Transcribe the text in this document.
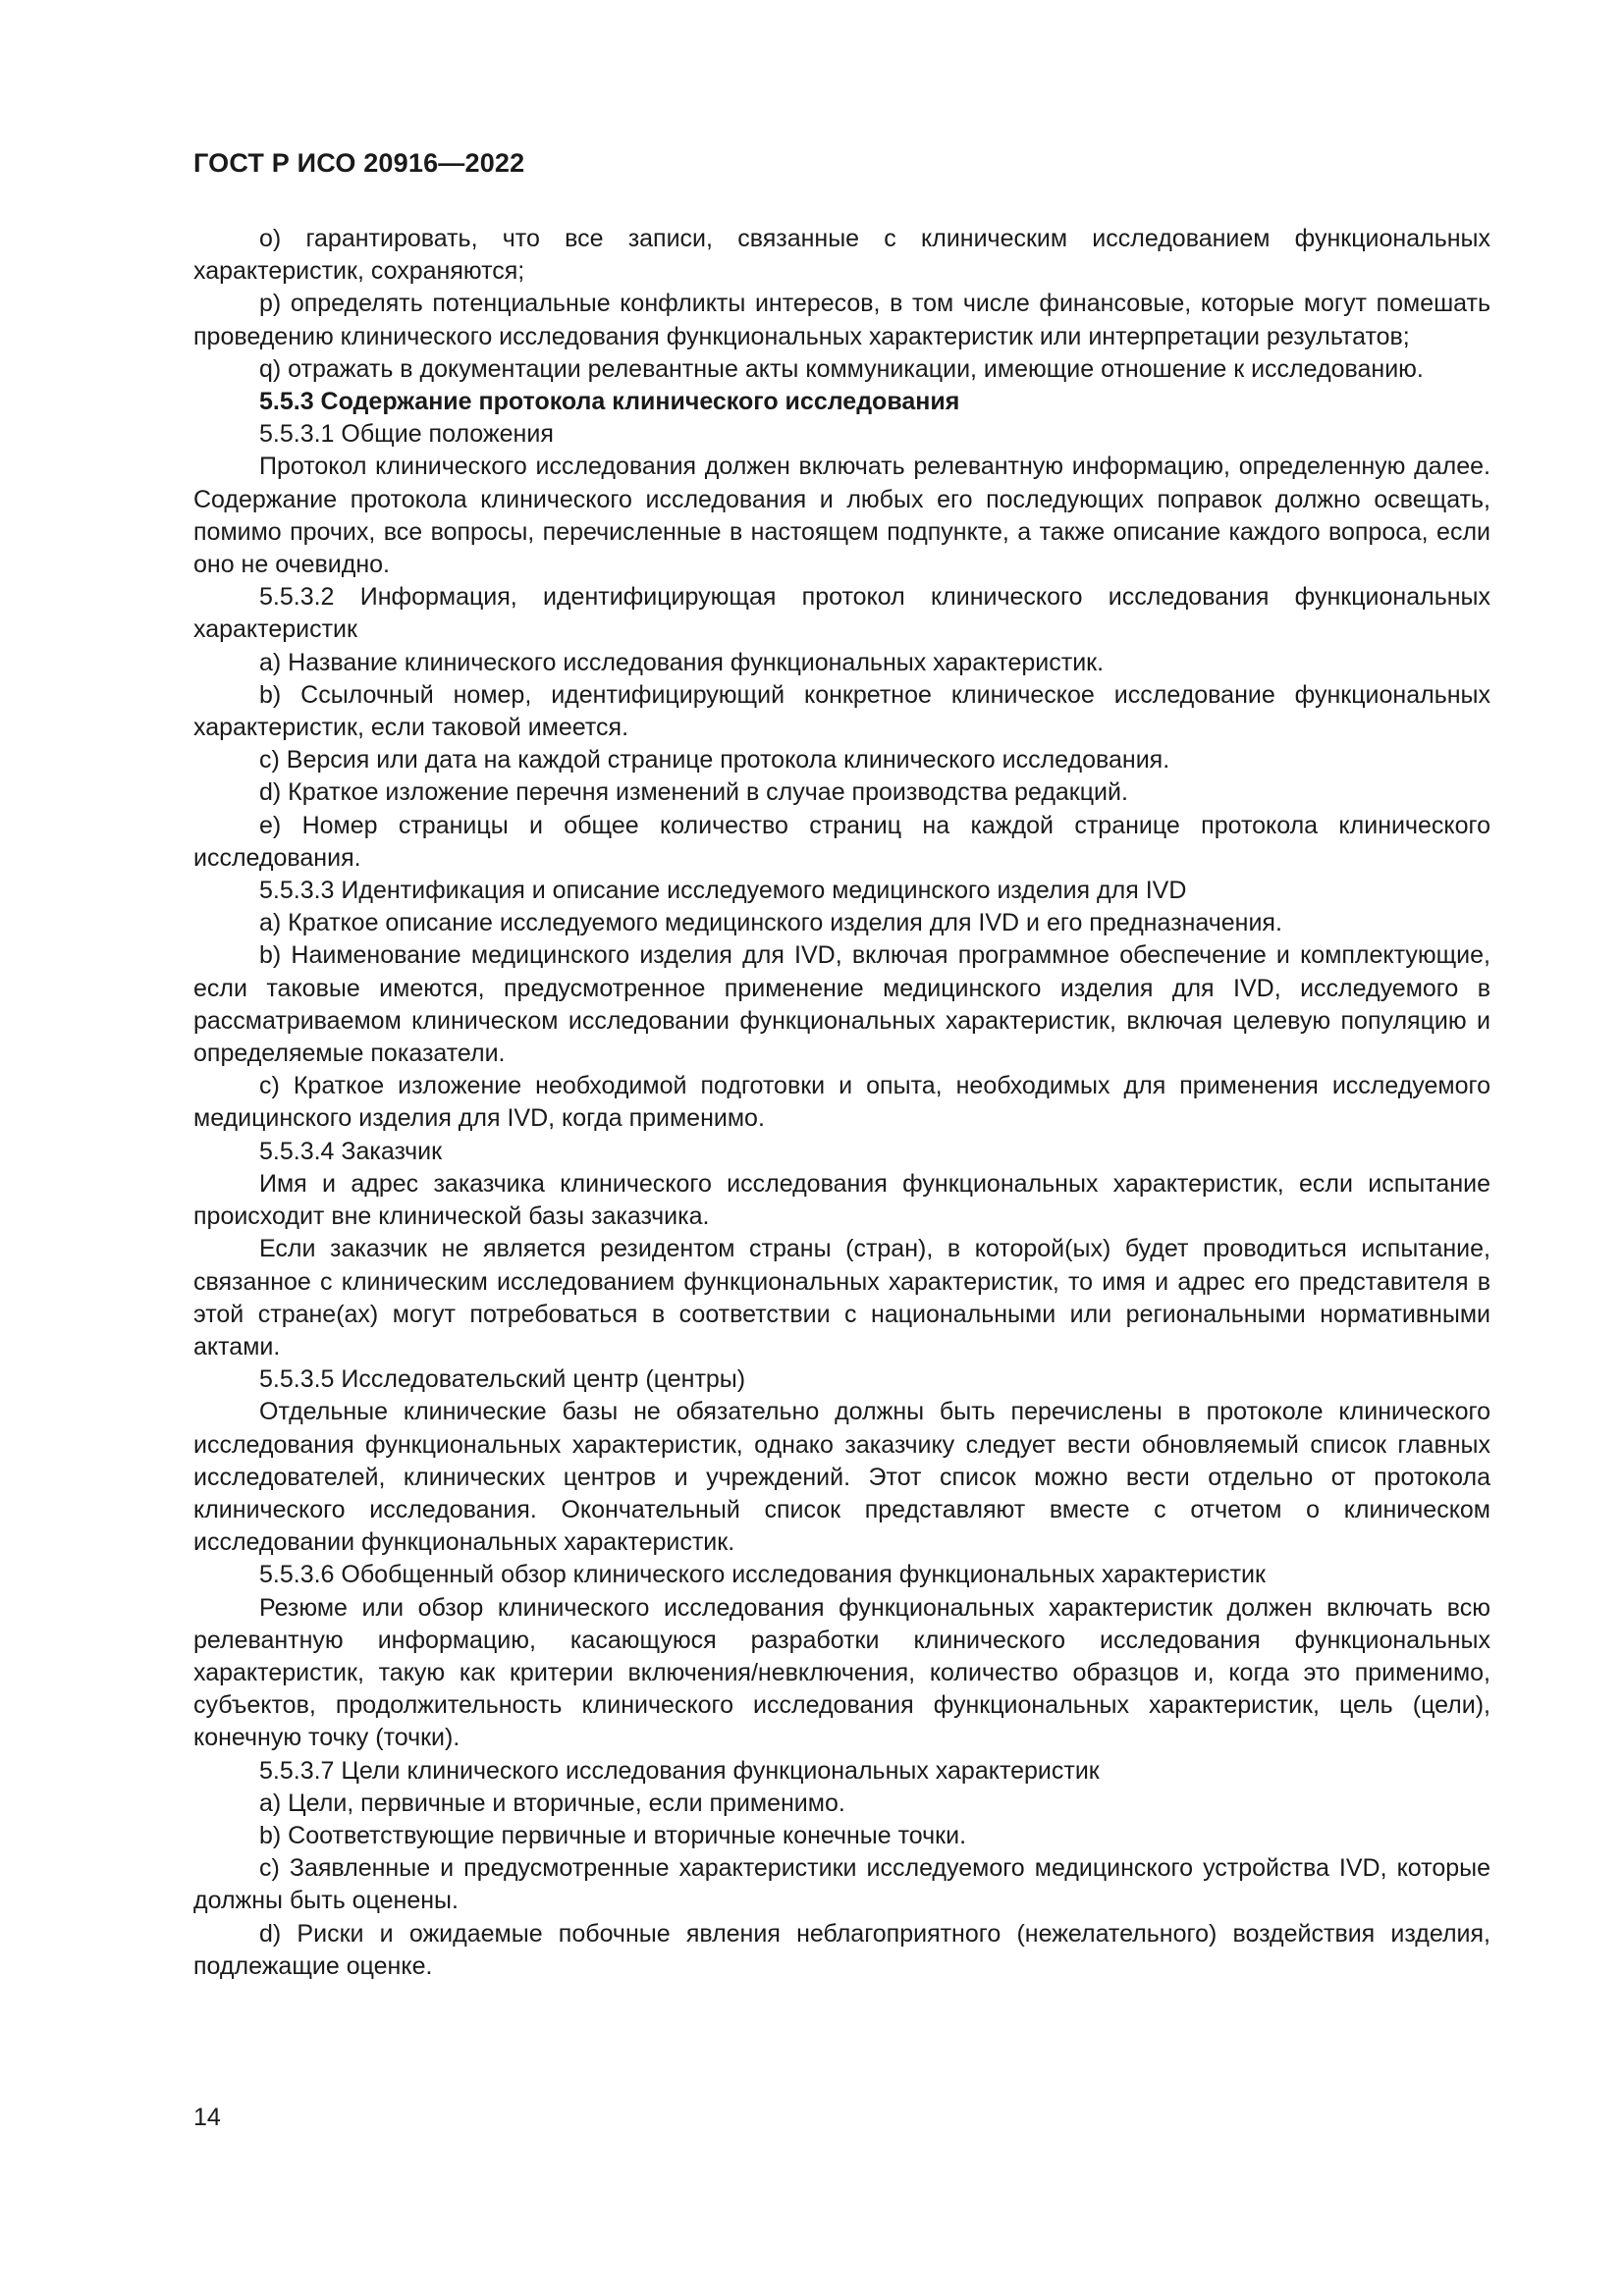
ГОСТ Р ИСО 20916—2022

о) гарантировать, что все записи, связанные с клиническим исследованием функциональных характеристик, сохраняются;

р) определять потенциальные конфликты интересов, в том числе финансовые, которые могут помешать проведению клинического исследования функциональных характеристик или интерпретации результатов;

q) отражать в документации релевантные акты коммуникации, имеющие отношение к исследованию.

5.5.3 Содержание протокола клинического исследования

5.5.3.1 Общие положения

Протокол клинического исследования должен включать релевантную информацию, определенную далее. Содержание протокола клинического исследования и любых его последующих поправок должно освещать, помимо прочих, все вопросы, перечисленные в настоящем подпункте, а также описание каждого вопроса, если оно не очевидно.

5.5.3.2 Информация, идентифицирующая протокол клинического исследования функциональных характеристик

а) Название клинического исследования функциональных характеристик.

b) Ссылочный номер, идентифицирующий конкретное клиническое исследование функциональных характеристик, если таковой имеется.

с) Версия или дата на каждой странице протокола клинического исследования.

d) Краткое изложение перечня изменений в случае производства редакций.

е) Номер страницы и общее количество страниц на каждой странице протокола клинического исследования.

5.5.3.3 Идентификация и описание исследуемого медицинского изделия для IVD

а) Краткое описание исследуемого медицинского изделия для IVD и его предназначения.

b) Наименование медицинского изделия для IVD, включая программное обеспечение и комплектующие, если таковые имеются, предусмотренное применение медицинского изделия для IVD, исследуемого в рассматриваемом клиническом исследовании функциональных характеристик, включая целевую популяцию и определяемые показатели.

с) Краткое изложение необходимой подготовки и опыта, необходимых для применения исследуемого медицинского изделия для IVD, когда применимо.

5.5.3.4 Заказчик

Имя и адрес заказчика клинического исследования функциональных характеристик, если испытание происходит вне клинической базы заказчика.

Если заказчик не является резидентом страны (стран), в которой(ых) будет проводиться испытание, связанное с клиническим исследованием функциональных характеристик, то имя и адрес его представителя в этой стране(ах) могут потребоваться в соответствии с национальными или региональными нормативными актами.

5.5.3.5 Исследовательский центр (центры)

Отдельные клинические базы не обязательно должны быть перечислены в протоколе клинического исследования функциональных характеристик, однако заказчику следует вести обновляемый список главных исследователей, клинических центров и учреждений. Этот список можно вести отдельно от протокола клинического исследования. Окончательный список представляют вместе с отчетом о клиническом исследовании функциональных характеристик.

5.5.3.6 Обобщенный обзор клинического исследования функциональных характеристик

Резюме или обзор клинического исследования функциональных характеристик должен включать всю релевантную информацию, касающуюся разработки клинического исследования функциональных характеристик, такую как критерии включения/невключения, количество образцов и, когда это применимо, субъектов, продолжительность клинического исследования функциональных характеристик, цель (цели), конечную точку (точки).

5.5.3.7 Цели клинического исследования функциональных характеристик

а) Цели, первичные и вторичные, если применимо.

b) Соответствующие первичные и вторичные конечные точки.

с) Заявленные и предусмотренные характеристики исследуемого медицинского устройства IVD, которые должны быть оценены.

d) Риски и ожидаемые побочные явления неблагоприятного (нежелательного) воздействия изделия, подлежащие оценке.

14
